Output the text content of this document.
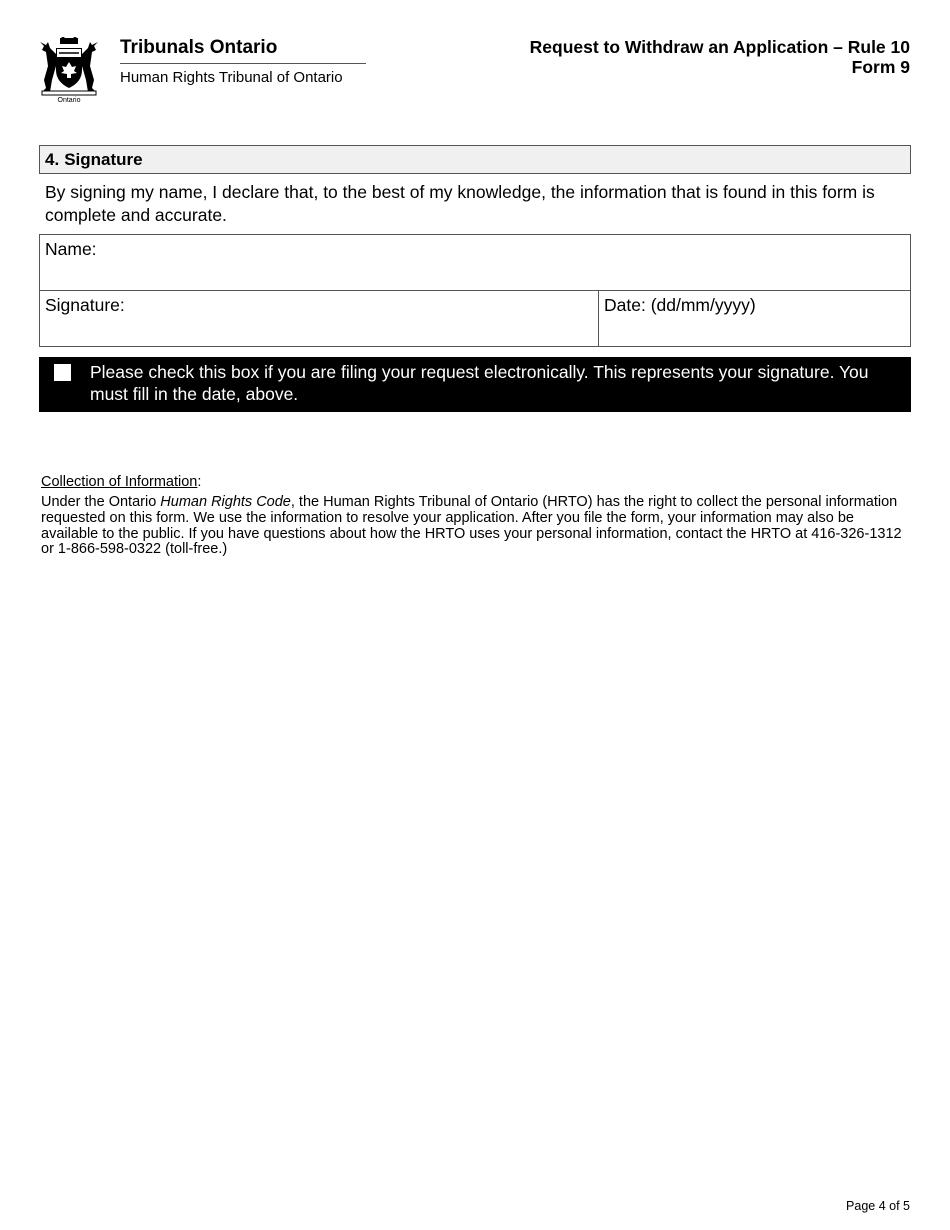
Ontario
Tribunals Ontario
Human Rights Tribunal of Ontario
Request to Withdraw an Application – Rule 10
Form 9
4. Signature
By signing my name, I declare that, to the best of my knowledge, the information that is found in this form is complete and accurate.
Name:
Signature:	Date: (dd/mm/yyyy)
Please check this box if you are filing your request electronically. This represents your signature. You must fill in the date, above.
Collection of Information:
Under the Ontario Human Rights Code, the Human Rights Tribunal of Ontario (HRTO) has the right to collect the personal information requested on this form. We use the information to resolve your application. After you file the form, your information may also be available to the public. If you have questions about how the HRTO uses your personal information, contact the HRTO at 416-326-1312 or 1-866-598-0322 (toll-free.)
Page 4 of 5
